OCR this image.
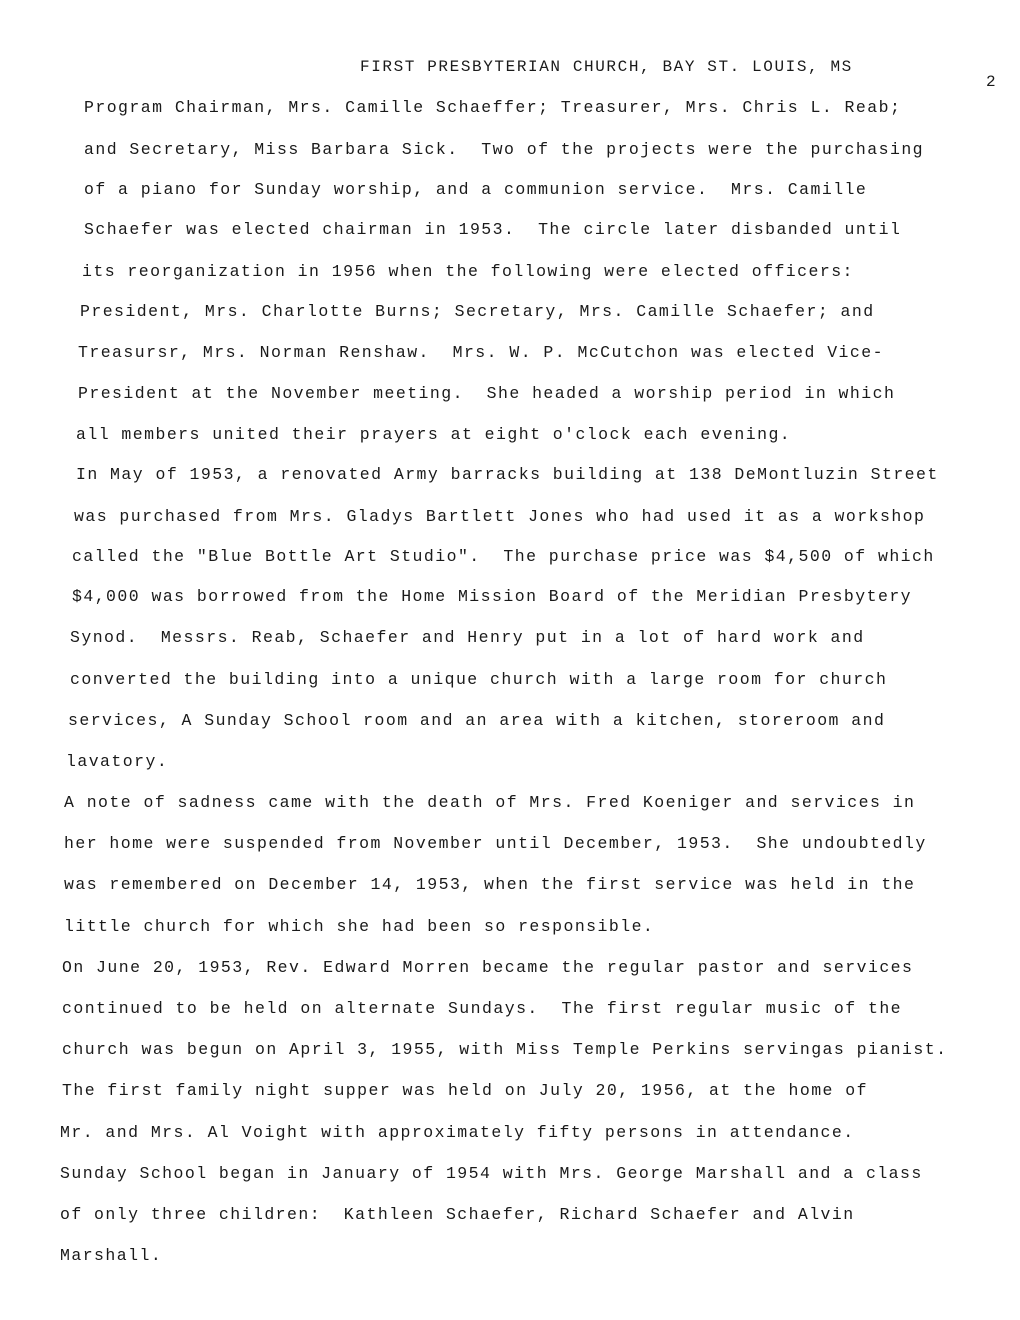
FIRST PRESBYTERIAN CHURCH, BAY ST. LOUIS, MS
2
Program Chairman, Mrs. Camille Schaeffer; Treasurer, Mrs. Chris L. Reab;
and Secretary, Miss Barbara Sick.  Two of the projects were the purchasing
of a piano for Sunday worship, and a communion service.  Mrs. Camille
Schaefer was elected chairman in 1953.  The circle later disbanded until
its reorganization in 1956 when the following were elected officers:
President, Mrs. Charlotte Burns; Secretary, Mrs. Camille Schaefer; and
Treasursr, Mrs. Norman Renshaw.  Mrs. W. P. McCutchon was elected Vice-
President at the November meeting.  She headed a worship period in which
all members united their prayers at eight o'clock each evening.
In May of 1953, a renovated Army barracks building at 138 DeMontluzin Street
was purchased from Mrs. Gladys Bartlett Jones who had used it as a workshop
called the "Blue Bottle Art Studio".  The purchase price was $4,500 of which
$4,000 was borrowed from the Home Mission Board of the Meridian Presbytery
Synod.  Messrs. Reab, Schaefer and Henry put in a lot of hard work and
converted the building into a unique church with a large room for church
services, A Sunday School room and an area with a kitchen, storeroom and
lavatory.
A note of sadness came with the death of Mrs. Fred Koeniger and services in
her home were suspended from November until December, 1953.  She undoubtedly
was remembered on December 14, 1953, when the first service was held in the
little church for which she had been so responsible.
On June 20, 1953, Rev. Edward Morren became the regular pastor and services
continued to be held on alternate Sundays.  The first regular music of the
church was begun on April 3, 1955, with Miss Temple Perkins servingas pianist.
The first family night supper was held on July 20, 1956, at the home of
Mr. and Mrs. Al Voight with approximately fifty persons in attendance.
Sunday School began in January of 1954 with Mrs. George Marshall and a class
of only three children:  Kathleen Schaefer, Richard Schaefer and Alvin
Marshall.
